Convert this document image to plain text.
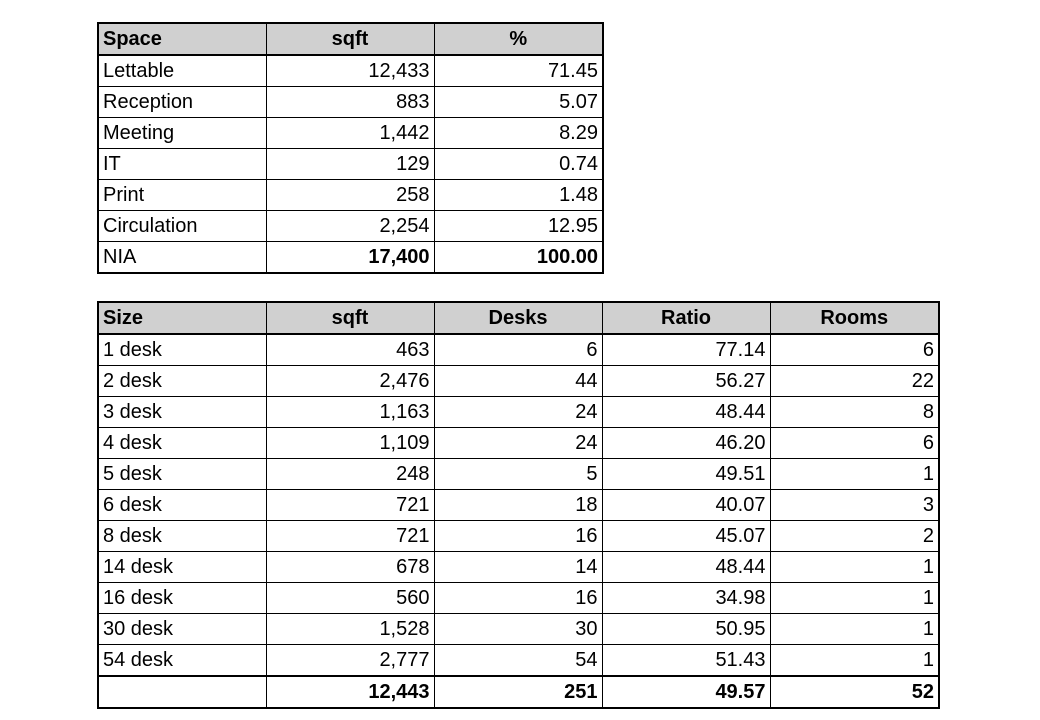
Space	sqft	%
Lettable	12,433	71.45
Reception	883	5.07
Meeting	1,442	8.29
IT	129	0.74
Print	258	1.48
Circulation	2,254	12.95
NIA	17,400	100.00
Size	sqft	Desks	Ratio	Rooms
1 desk	463	6	77.14	6
2 desk	2,476	44	56.27	22
3 desk	1,163	24	48.44	8
4 desk	1,109	24	46.20	6
5 desk	248	5	49.51	1
6 desk	721	18	40.07	3
8 desk	721	16	45.07	2
14 desk	678	14	48.44	1
16 desk	560	16	34.98	1
30 desk	1,528	30	50.95	1
54 desk	2,777	54	51.43	1
	12,443	251	49.57	52
